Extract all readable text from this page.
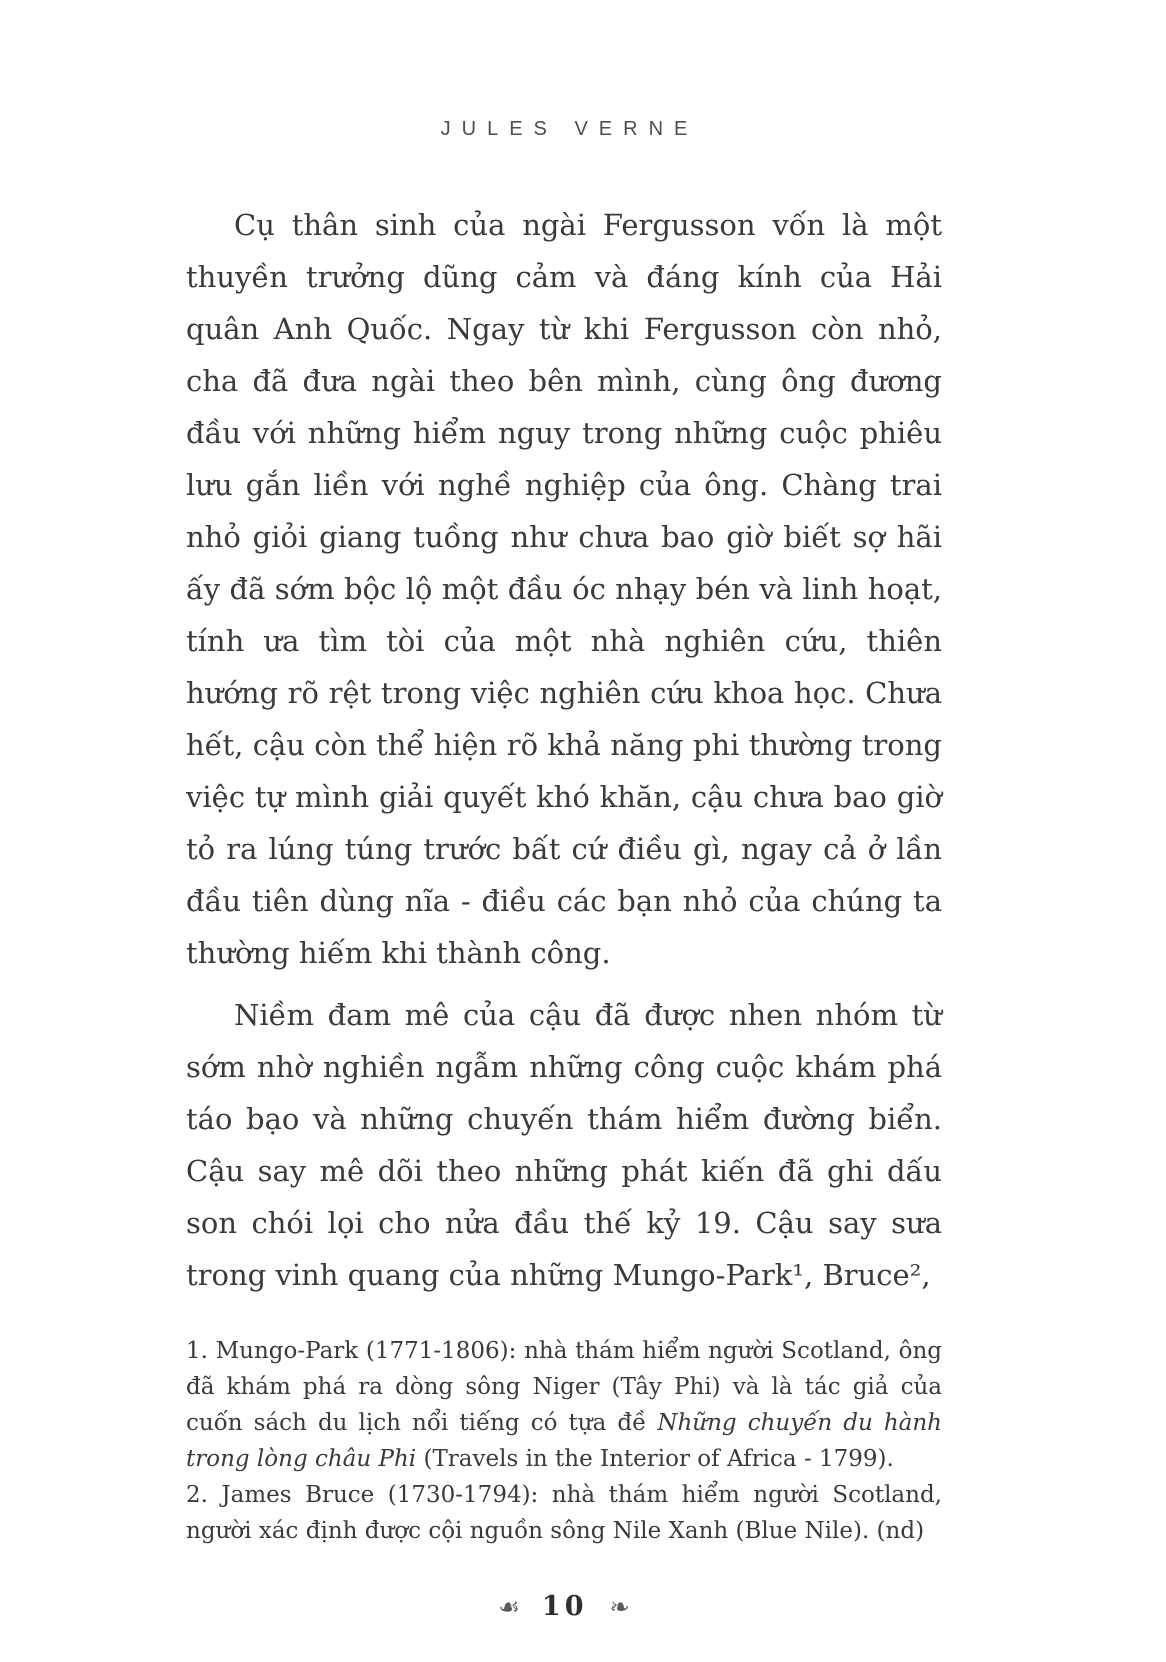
JULES VERNE

Cụ thân sinh của ngài Fergusson vốn là một thuyền trưởng dũng cảm và đáng kính của Hải quân Anh Quốc. Ngay từ khi Fergusson còn nhỏ, cha đã đưa ngài theo bên mình, cùng ông đương đầu với những hiểm nguy trong những cuộc phiêu lưu gắn liền với nghề nghiệp của ông. Chàng trai nhỏ giỏi giang tuồng như chưa bao giờ biết sợ hãi ấy đã sớm bộc lộ một đầu óc nhạy bén và linh hoạt, tính ưa tìm tòi của một nhà nghiên cứu, thiên hướng rõ rệt trong việc nghiên cứu khoa học. Chưa hết, cậu còn thể hiện rõ khả năng phi thường trong việc tự mình giải quyết khó khăn, cậu chưa bao giờ tỏ ra lúng túng trước bất cứ điều gì, ngay cả ở lần đầu tiên dùng nĩa - điều các bạn nhỏ của chúng ta thường hiếm khi thành công.

Niềm đam mê của cậu đã được nhen nhóm từ sớm nhờ nghiền ngẫm những công cuộc khám phá táo bạo và những chuyến thám hiểm đường biển. Cậu say mê dõi theo những phát kiến đã ghi dấu son chói lọi cho nửa đầu thế kỷ 19. Cậu say sưa trong vinh quang của những Mungo-Park¹, Bruce²,

1. Mungo-Park (1771-1806): nhà thám hiểm người Scotland, ông đã khám phá ra dòng sông Niger (Tây Phi) và là tác giả của cuốn sách du lịch nổi tiếng có tựa đề Những chuyến du hành trong lòng châu Phi (Travels in the Interior of Africa - 1799).

2. James Bruce (1730-1794): nhà thám hiểm người Scotland, người xác định được cội nguồn sông Nile Xanh (Blue Nile). (nd)

☙ 10 ❧
